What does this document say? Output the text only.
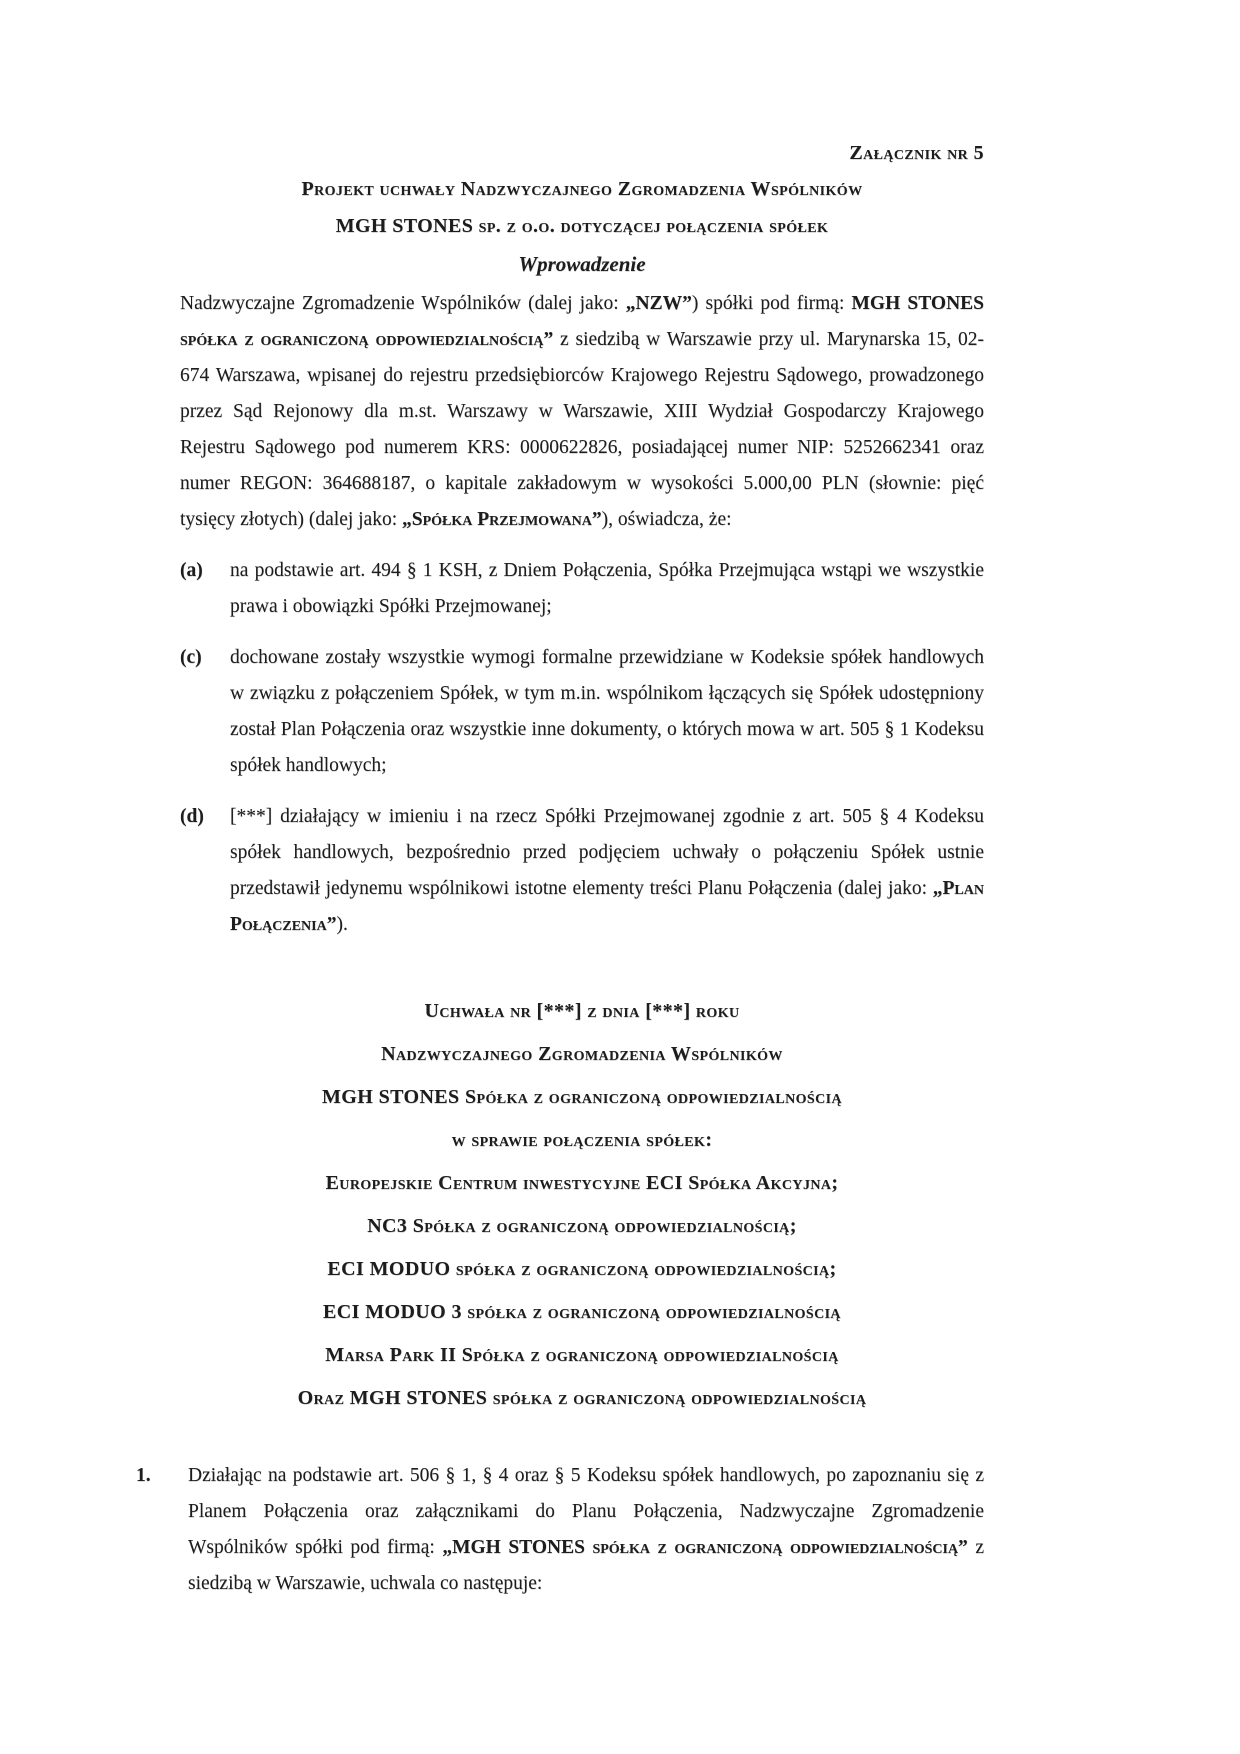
Załącznik nr 5
Projekt uchwały Nadzwyczajnego Zgromadzenia Wspólników
MGH STONES sp. z o.o. dotyczącej połączenia spółek
Wprowadzenie

Nadzwyczajne Zgromadzenie Wspólników (dalej jako: „NZW”) spółki pod firmą: MGH STONES spółka z ograniczoną odpowiedzialnością” z siedzibą w Warszawie przy ul. Marynarska 15, 02-674 Warszawa, wpisanej do rejestru przedsiębiorców Krajowego Rejestru Sądowego, prowadzonego przez Sąd Rejonowy dla m.st. Warszawy w Warszawie, XIII Wydział Gospodarczy Krajowego Rejestru Sądowego pod numerem KRS: 0000622826, posiadającej numer NIP: 5252662341 oraz numer REGON: 364688187, o kapitale zakładowym w wysokości 5.000,00 PLN (słownie: pięć tysięcy złotych) (dalej jako: „Spółka Przejmowana”), oświadcza, że:

(a)	na podstawie art. 494 § 1 KSH, z Dniem Połączenia, Spółka Przejmująca wstąpi we wszystkie prawa i obowiązki Spółki Przejmowanej;
(c)	dochowane zostały wszystkie wymogi formalne przewidziane w Kodeksie spółek handlowych w związku z połączeniem Spółek, w tym m.in. wspólnikom łączących się Spółek udostępniony został Plan Połączenia oraz wszystkie inne dokumenty, o których mowa w art. 505 § 1 Kodeksu spółek handlowych;
(d)	[***] działający w imieniu i na rzecz Spółki Przejmowanej zgodnie z art. 505 § 4 Kodeksu spółek handlowych, bezpośrednio przed podjęciem uchwały o połączeniu Spółek ustnie przedstawił jedynemu wspólnikowi istotne elementy treści Planu Połączenia (dalej jako: „Plan Połączenia”).
Uchwała nr [***] z dnia [***] roku
Nadzwyczajnego Zgromadzenia Wspólników
MGH STONES Spółka z ograniczoną odpowiedzialnością
w sprawie połączenia spółek:
Europejskie Centrum inwestycyjne ECI Spółka Akcyjna;
NC3 Spółka z ograniczoną odpowiedzialnością;
ECI MODUO spółka z ograniczoną odpowiedzialnością;
ECI MODUO 3 spółka z ograniczoną odpowiedzialnością
Marsa Park II Spółka z ograniczoną odpowiedzialnością
Oraz MGH STONES spółka z ograniczoną odpowiedzialnością
1.	Działając na podstawie art. 506 § 1, § 4 oraz § 5 Kodeksu spółek handlowych, po zapoznaniu się z Planem Połączenia oraz załącznikami do Planu Połączenia, Nadzwyczajne Zgromadzenie Wspólników spółki pod firmą: „MGH STONES spółka z ograniczoną odpowiedzialnością” z siedzibą w Warszawie, uchwala co następuje:
